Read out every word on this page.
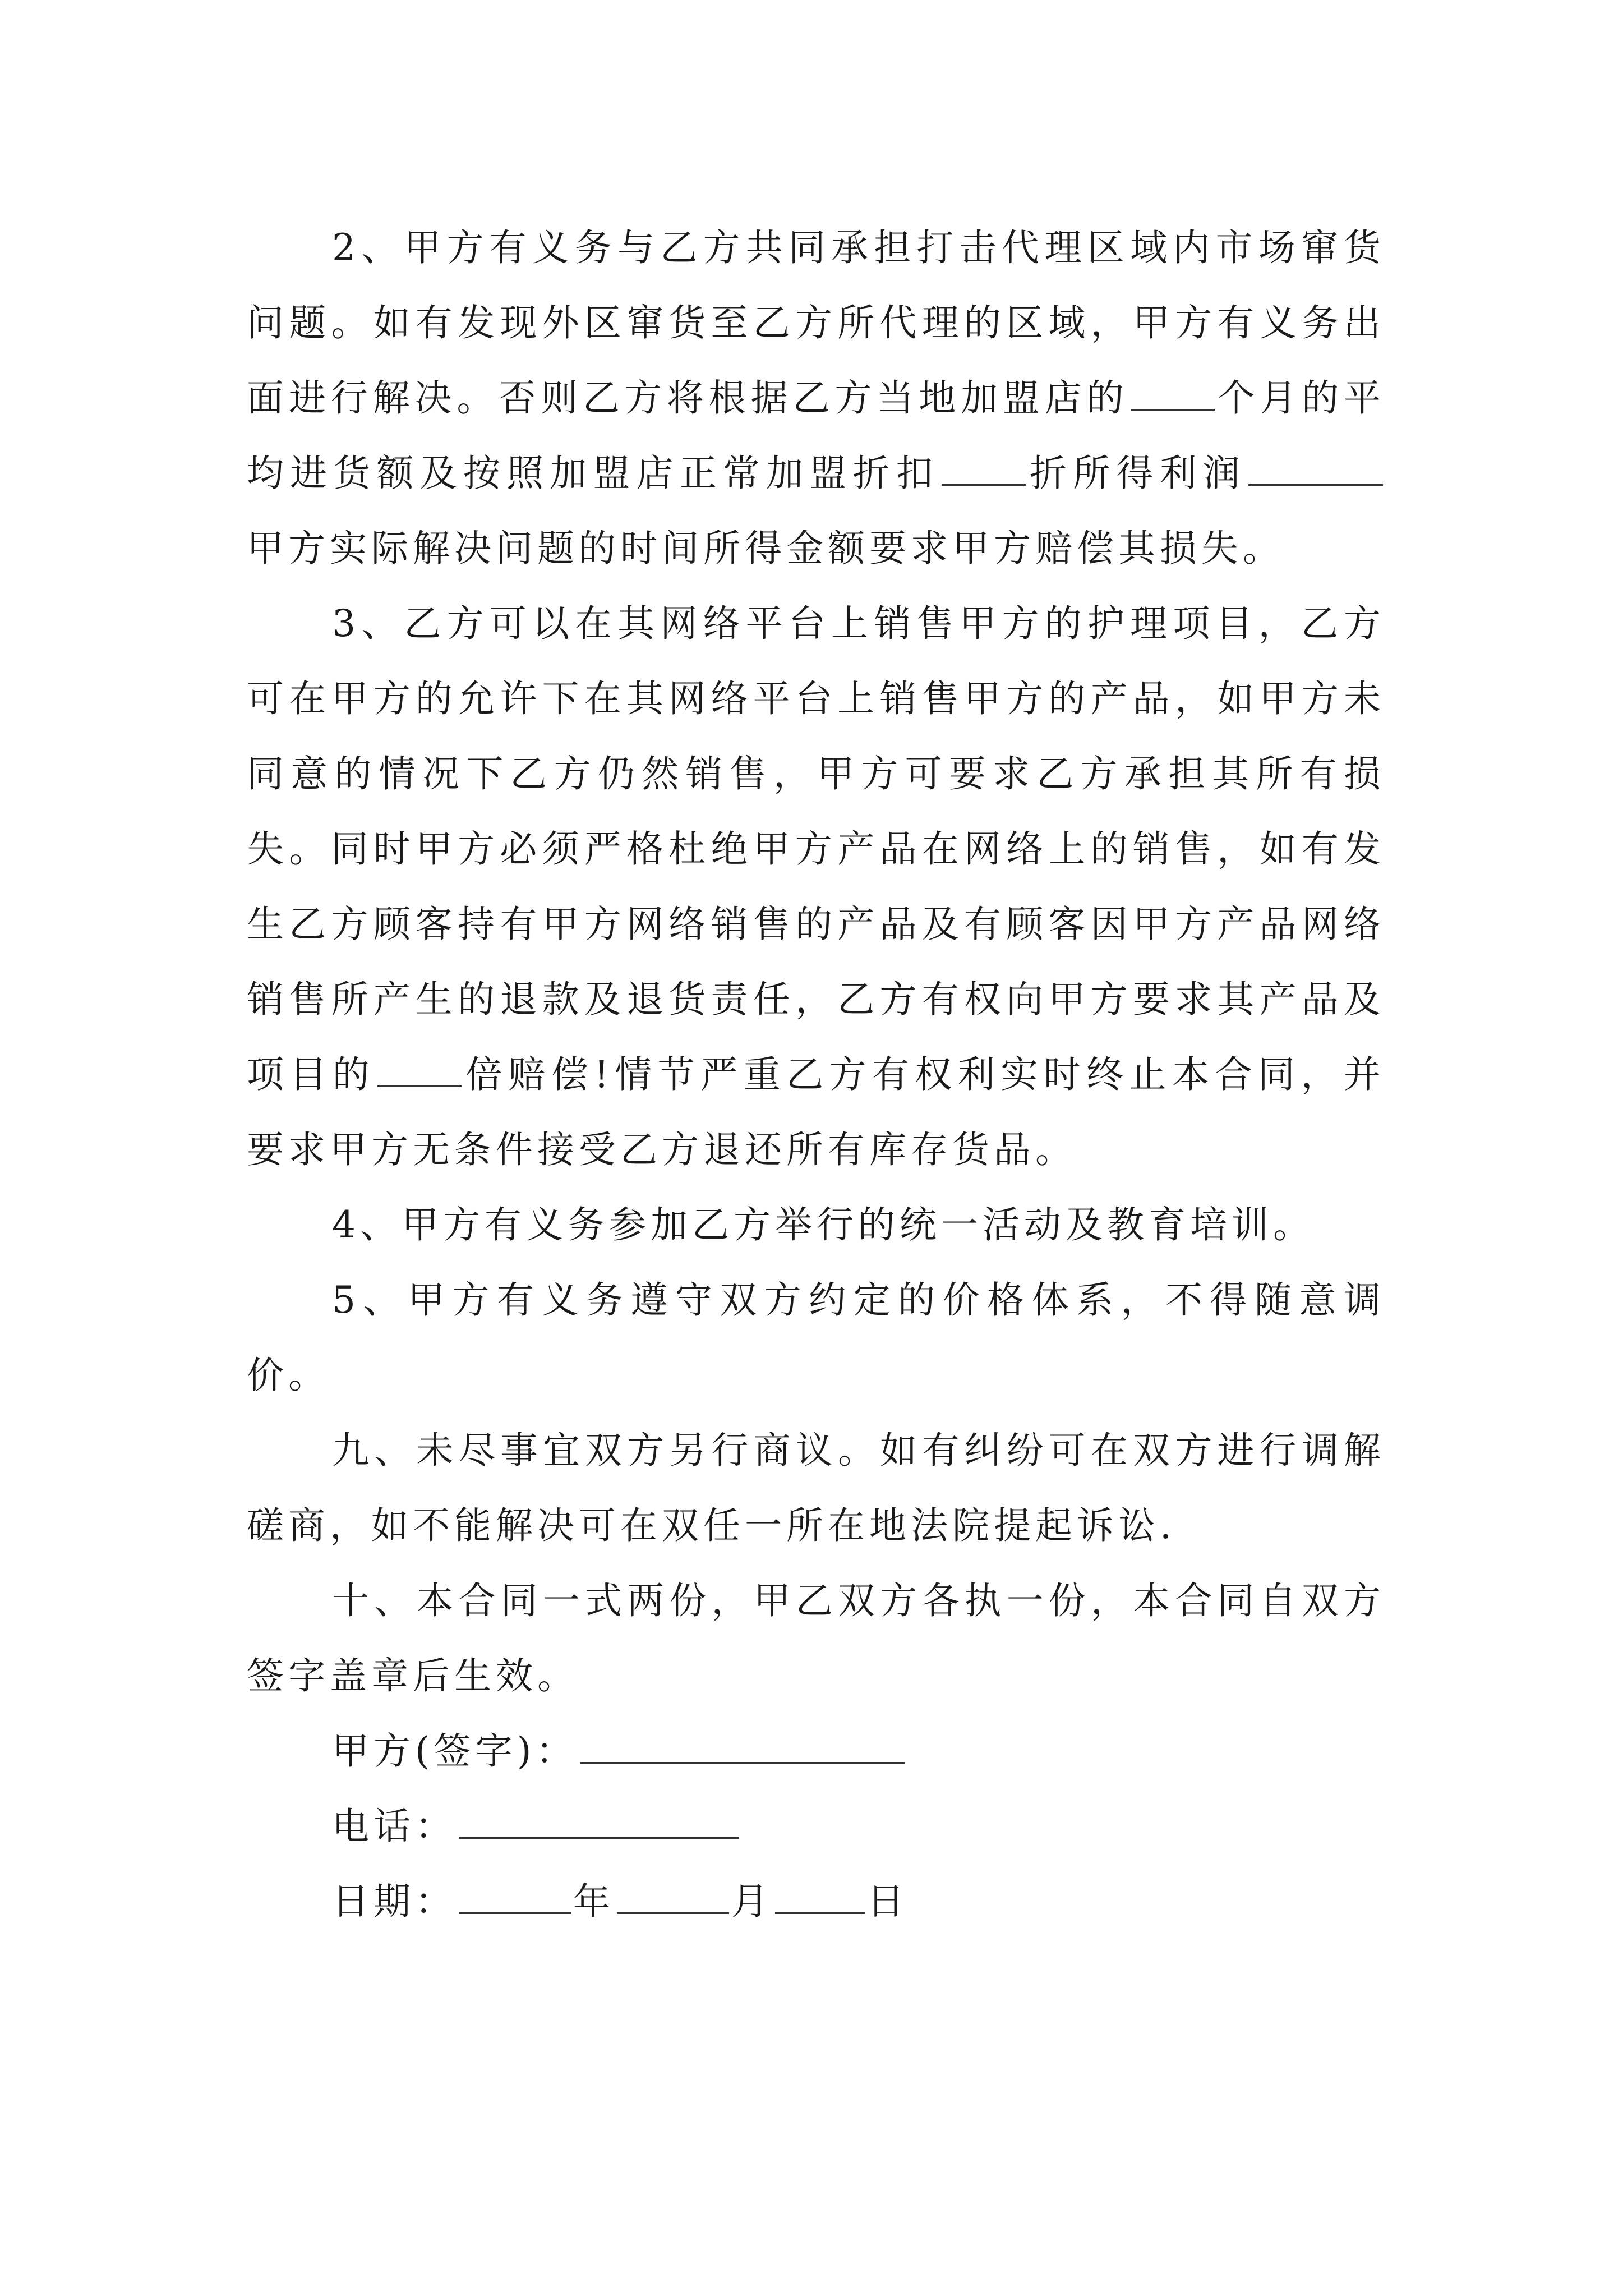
2、甲方有义务与乙方共同承担打击代理区域内市场窜货问题。如有发现外区窜货至乙方所代理的区域，甲方有义务出面进行解决。否则乙方将根据乙方当地加盟店的 个月的平均进货额及按照加盟店正常加盟折扣 折所得利润甲方实际解决问题的时间所得金额要求甲方赔偿其损失。

3、乙方可以在其网络平台上销售甲方的护理项目，乙方可在甲方的允许下在其网络平台上销售甲方的产品，如甲方未同意的情况下乙方仍然销售，甲方可要求乙方承担其所有损失。同时甲方必须严格杜绝甲方产品在网络上的销售，如有发生乙方顾客持有甲方网络销售的产品及有顾客因甲方产品网络销售所产生的退款及退货责任，乙方有权向甲方要求其产品及项目的 倍赔偿!情节严重乙方有权利实时终止本合同，并要求甲方无条件接受乙方退还所有库存货品。

4、甲方有义务参加乙方举行的统一活动及教育培训。

5、甲方有义务遵守双方约定的价格体系，不得随意调价。

九、未尽事宜双方另行商议。如有纠纷可在双方进行调解磋商，如不能解决可在双任一所在地法院提起诉讼.

十、本合同一式两份，甲乙双方各执一份，本合同自双方签字盖章后生效。

甲方(签字)：

电话：

日期：	年	月	日
